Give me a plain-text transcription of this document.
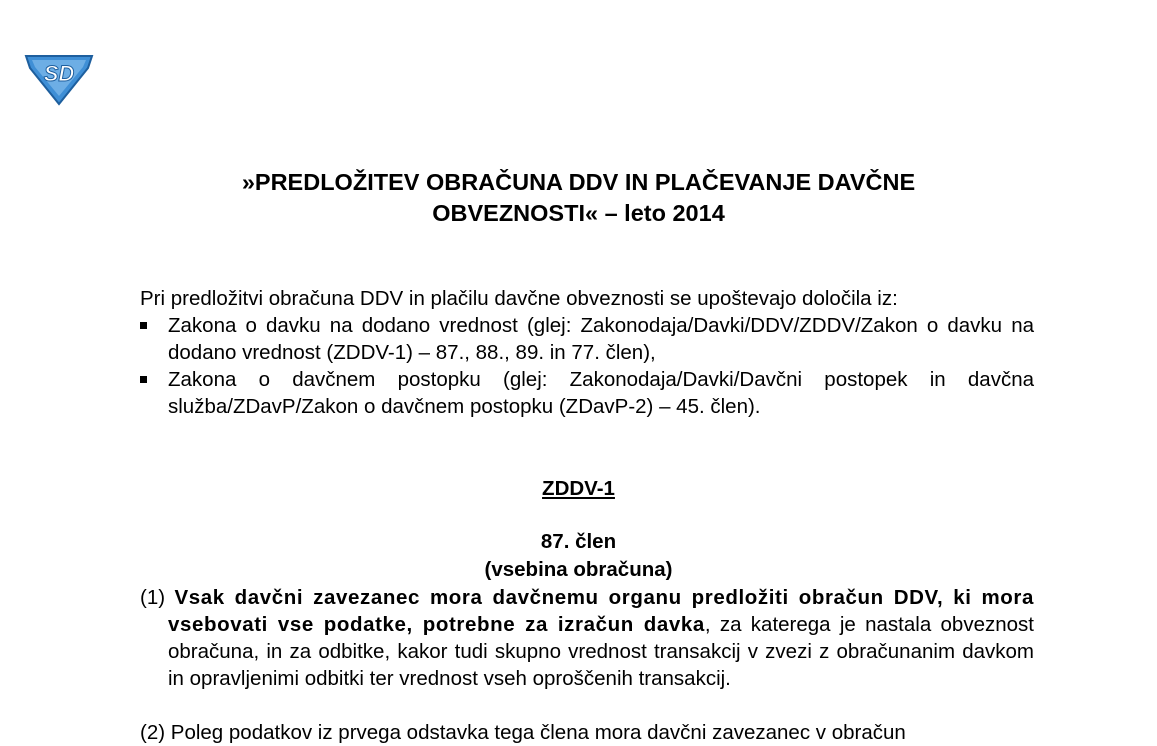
SD
»PREDLOŽITEV OBRAČUNA DDV IN PLAČEVANJE DAVČNE
OBVEZNOSTI« – leto 2014

Pri predložitvi obračuna DDV in plačilu davčne obveznosti se upoštevajo določila iz:

Zakona o davku na dodano vrednost (glej: Zakonodaja/Davki/DDV/ZDDV/Zakon o davku na dodano vrednost (ZDDV-1) – 87., 88., 89. in 77. člen),
Zakona o davčnem postopku (glej: Zakonodaja/Davki/Davčni postopek in davčna služba/ZDavP/Zakon o davčnem postopku (ZDavP-2) – 45. člen).
ZDDV-1
87. člen
(vsebina obračuna)

(1) Vsak davčni zavezanec mora davčnemu organu predložiti obračun DDV, ki mora vsebovati vse podatke, potrebne za izračun davka, za katerega je nastala obveznost obračuna, in za odbitke, kakor tudi skupno vrednost transakcij v zvezi z obračunanim davkom in opravljenimi odbitki ter vrednost vseh oproščenih transakcij.

(2) Poleg podatkov iz prvega odstavka tega člena mora davčni zavezanec v obračun
